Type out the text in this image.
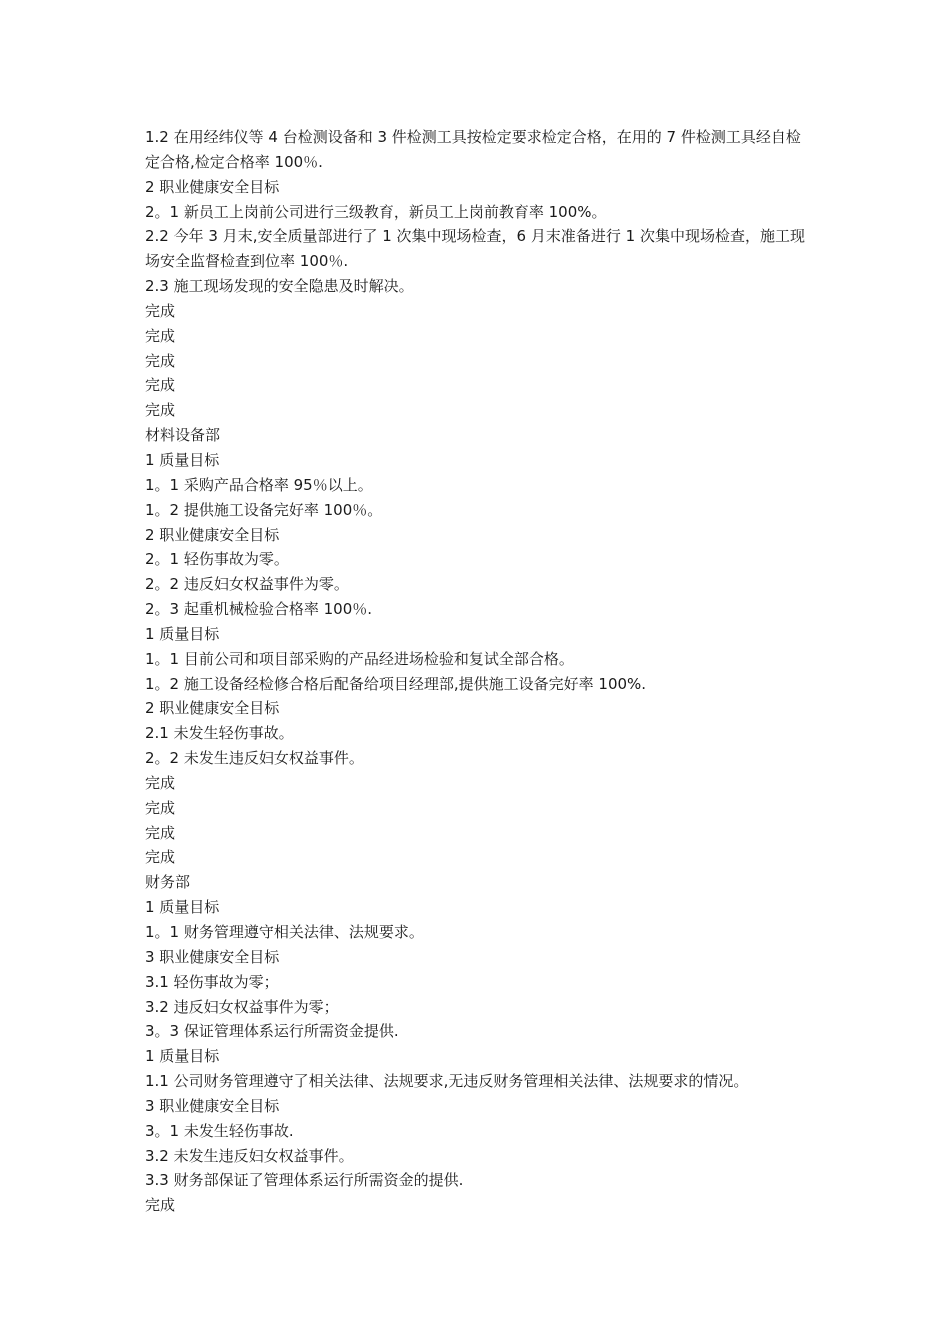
1.2 在用经纬仪等 4 台检测设备和 3 件检测工具按检定要求检定合格，在用的 7 件检测工具经自检定合格,检定合格率 100％.

2 职业健康安全目标

2。1 新员工上岗前公司进行三级教育，新员工上岗前教育率 100%。

2.2 今年 3 月末,安全质量部进行了 1 次集中现场检查，6 月末准备进行 1 次集中现场检查，施工现场安全监督检查到位率 100％.

2.3 施工现场发现的安全隐患及时解决。

完成

完成

完成

完成

完成

材料设备部

1 质量目标

1。1 采购产品合格率 95％以上。

1。2 提供施工设备完好率 100％。

2 职业健康安全目标

2。1 轻伤事故为零。

2。2 违反妇女权益事件为零。

2。3 起重机械检验合格率 100％.

1 质量目标

1。1 目前公司和项目部采购的产品经进场检验和复试全部合格。

1。2 施工设备经检修合格后配备给项目经理部,提供施工设备完好率 100%.

2 职业健康安全目标

2.1 未发生轻伤事故。

2。2 未发生违反妇女权益事件。

完成

完成

完成

完成

财务部

1 质量目标

1。1 财务管理遵守相关法律、法规要求。

3 职业健康安全目标

3.1 轻伤事故为零；

3.2 违反妇女权益事件为零；

3。3 保证管理体系运行所需资金提供.

1 质量目标

1.1 公司财务管理遵守了相关法律、法规要求,无违反财务管理相关法律、法规要求的情况。

3 职业健康安全目标

3。1 未发生轻伤事故.

3.2 未发生违反妇女权益事件。

3.3 财务部保证了管理体系运行所需资金的提供.

完成
